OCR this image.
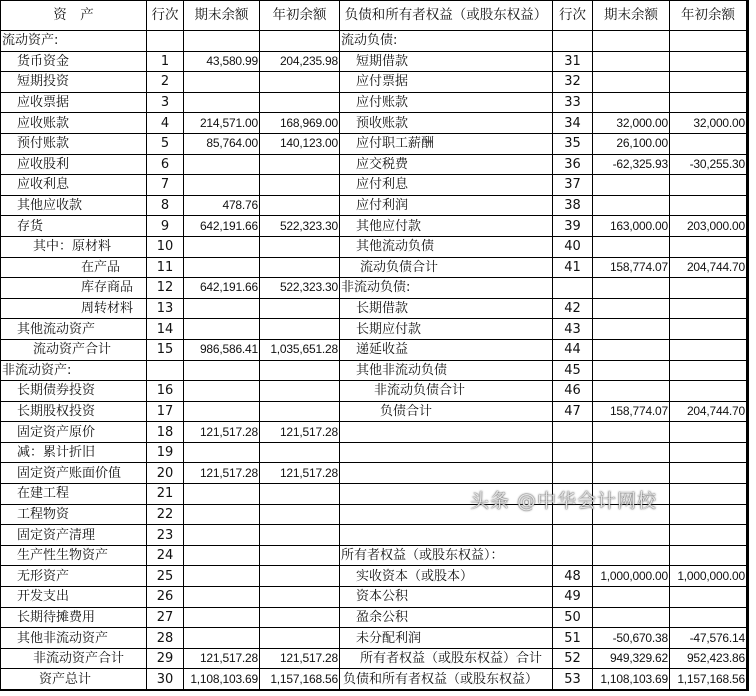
资　产	行次	期末余额	年初余额	负债和所有者权益（或股东权益）	行次	期末余额	年初余额
流动资产:				流动负债:			
货币资金	1	43,580.99	204,235.98	短期借款	31		
短期投资	2			应付票据	32		
应收票据	3			应付账款	33		
应收账款	4	214,571.00	168,969.00	预收账款	34	32,000.00	32,000.00
预付账款	5	85,764.00	140,123.00	应付职工薪酬	35	26,100.00	
应收股利	6			应交税费	36	-62,325.93	-30,255.30
应收利息	7			应付利息	37		
其他应收款	8	478.76		应付利润	38		
存货	9	642,191.66	522,323.30	其他应付款	39	163,000.00	203,000.00
其中：原材料	10			其他流动负债	40		
在产品	11			流动负债合计	41	158,774.07	204,744.70
库存商品	12	642,191.66	522,323.30	非流动负债:			
周转材料	13			长期借款	42		
其他流动资产	14			长期应付款	43		
流动资产合计	15	986,586.41	1,035,651.28	递延收益	44		
非流动资产:				其他非流动负债	45		
长期债券投资	16			非流动负债合计	46		
长期股权投资	17			负债合计	47	158,774.07	204,744.70
固定资产原价	18	121,517.28	121,517.28				
减：累计折旧	19						
固定资产账面价值	20	121,517.28	121,517.28				
在建工程	21						
工程物资	22						
固定资产清理	23						
生产性生物资产	24			所有者权益（或股东权益）：			
无形资产	25			实收资本（或股本）	48	1,000,000.00	1,000,000.00
开发支出	26			资本公积	49		
长期待摊费用	27			盈余公积	50		
其他非流动资产	28			未分配利润	51	-50,670.38	-47,576.14
非流动资产合计	29	121,517.28	121,517.28	所有者权益（或股东权益）合计	52	949,329.62	952,423.86
资产总计	30	1,108,103.69	1,157,168.56	负债和所有者权益（或股东权益）	53	1,108,103.69	1,157,168.56
头条 @中华会计网校
